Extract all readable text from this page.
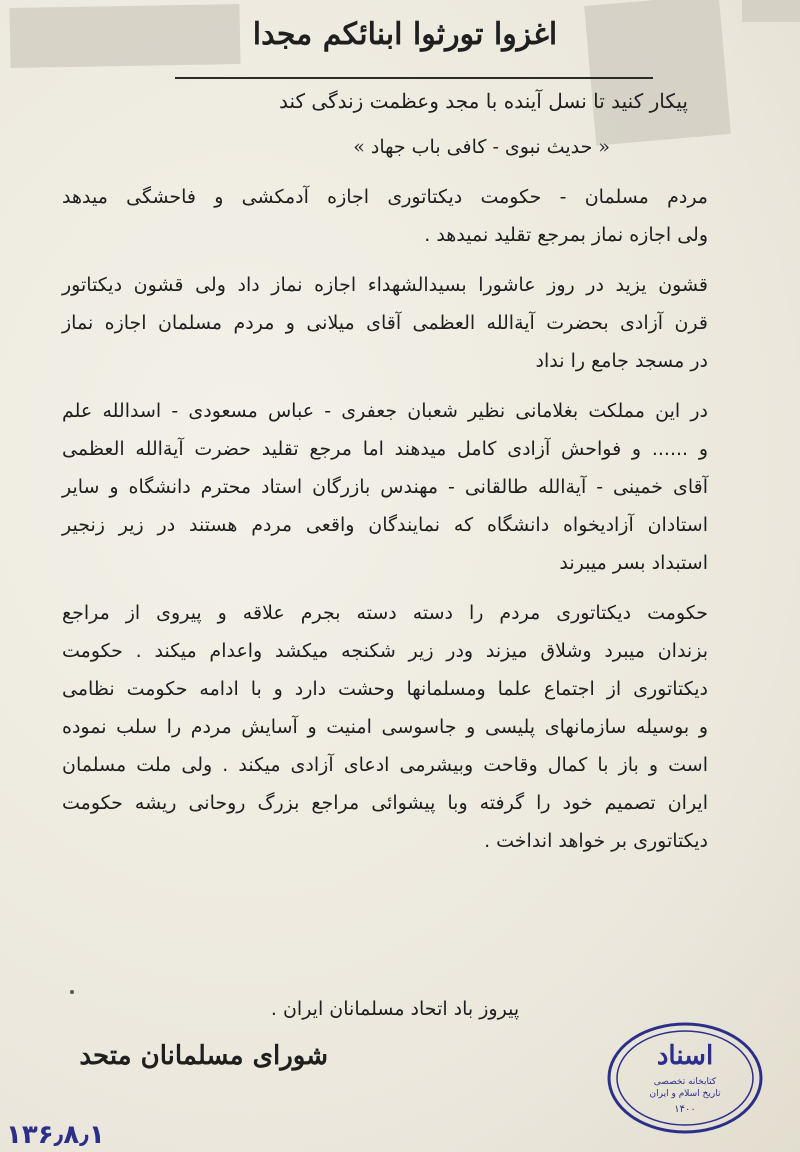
اغزوا تورثوا ابنائکم مجدا
پیکار کنید تا نسل آینده با مجد وعظمت زندگی کند
« حدیث نبوی - کافی باب جهاد »
مردم مسلمان - حکومت دیکتاتوری اجازه آدمکشی و فاحشگی میدهد
ولی اجازه نماز بمرجع تقلید نمیدهد .
قشون یزید در روز عاشورا بسیدالشهداء اجازه نماز داد ولی قشون دیکتاتور
قرن آزادی بحضرت آیةالله العظمی آقای میلانی و مردم مسلمان اجازه نماز
در مسجد جامع را نداد
در این مملکت بغلامانی نظیر شعبان جعفری - عباس مسعودی - اسدالله علم
و ...... و فواحش آزادی کامل میدهند اما مرجع تقلید حضرت آیةالله العظمی
آقای خمینی - آیةالله طالقانی - مهندس بازرگان استاد محترم دانشگاه و سایر
استادان آزادیخواه دانشگاه که نمایندگان واقعی مردم هستند در زیر زنجیر
استبداد بسر میبرند
حکومت دیکتاتوری مردم را دسته دسته بجرم علاقه و پیروی از مراجع
بزندان میبرد وشلاق میزند ودر زیر شکنجه میکشد واعدام میکند . حکومت
دیکتاتوری از اجتماع علما ومسلمانها وحشت دارد و با ادامه حکومت نظامی
و بوسیله سازمانهای پلیسی و جاسوسی امنیت و آسایش مردم را سلب نموده
است و باز با کمال وقاحت وبیشرمی ادعای آزادی میکند . ولی ملت مسلمان
ایران تصمیم خود را گرفته وبا پیشوائی مراجع بزرگ روحانی ریشه حکومت
دیکتاتوری بر خواهد انداخت .
پیروز باد اتحاد مسلمانان ایران .
شورای مسلمانان متحد	اسناد
کتابخانه تخصصی
تاریخ اسلام و ایران
۱۴۰۰
۱۳۶٫۸٫۱
